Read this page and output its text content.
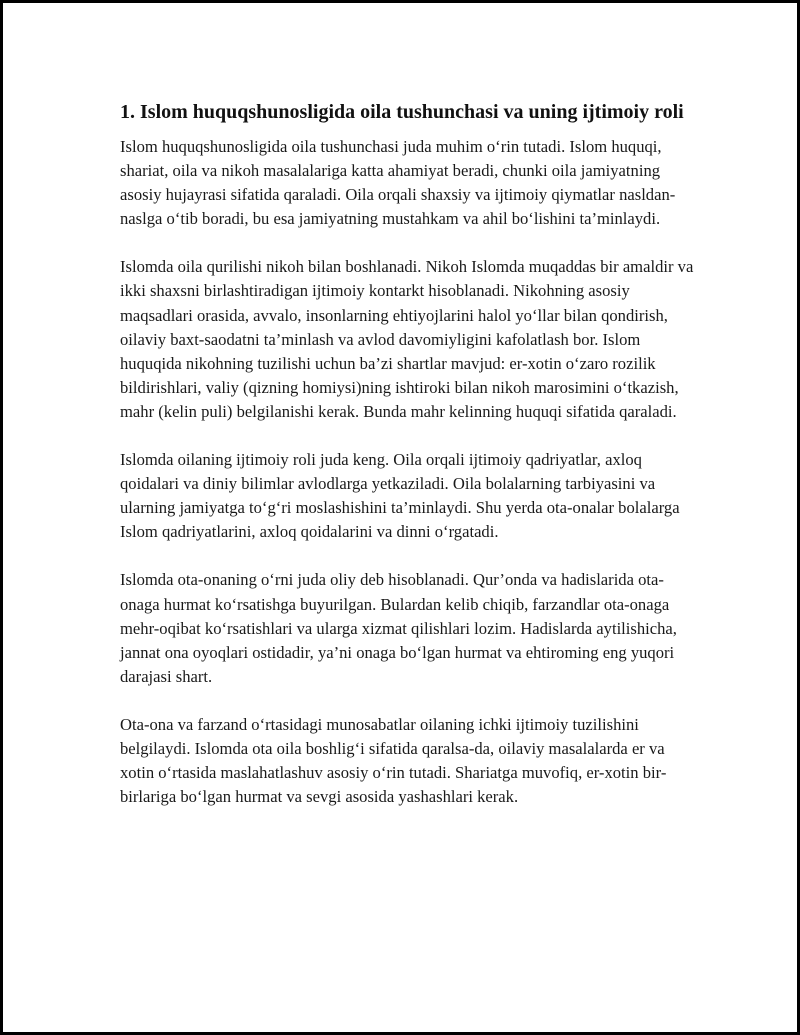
1. Islom huquqshunosligida oila tushunchasi va uning ijtimoiy roli

Islom huquqshunosligida oila tushunchasi juda muhim o‘rin tutadi. Islom huquqi, shariat, oila va nikoh masalalariga katta ahamiyat beradi, chunki oila jamiyatning asosiy hujayrasi sifatida qaraladi. Oila orqali shaxsiy va ijtimoiy qiymatlar nasldan-naslga o‘tib boradi, bu esa jamiyatning mustahkam va ahil bo‘lishini ta’minlaydi.

Islomda oila qurilishi nikoh bilan boshlanadi. Nikoh Islomda muqaddas bir amaldir va ikki shaxsni birlashtiradigan ijtimoiy kontarkt hisoblanadi. Nikohning asosiy maqsadlari orasida, avvalo, insonlarning ehtiyojlarini halol yo‘llar bilan qondirish, oilaviy baxt-saodatni ta’minlash va avlod davomiyligini kafolatlash bor. Islom huquqida nikohning tuzilishi uchun ba’zi shartlar mavjud: er-xotin o‘zaro rozilik bildirishlari, valiy (qizning homiysi)ning ishtiroki bilan nikoh marosimini o‘tkazish, mahr (kelin puli) belgilanishi kerak. Bunda mahr kelinning huquqi sifatida qaraladi.

Islomda oilaning ijtimoiy roli juda keng. Oila orqali ijtimoiy qadriyatlar, axloq qoidalari va diniy bilimlar avlodlarga yetkaziladi. Oila bolalarning tarbiyasini va ularning jamiyatga to‘g‘ri moslashishini ta’minlaydi. Shu yerda ota-onalar bolalarga Islom qadriyatlarini, axloq qoidalarini va dinni o‘rgatadi.

Islomda ota-onaning o‘rni juda oliy deb hisoblanadi. Qur’onda va hadislarida ota-onaga hurmat ko‘rsatishga buyurilgan. Bulardan kelib chiqib, farzandlar ota-onaga mehr-oqibat ko‘rsatishlari va ularga xizmat qilishlari lozim. Hadislarda aytilishicha, jannat ona oyoqlari ostidadir, ya’ni onaga bo‘lgan hurmat va ehtiroming eng yuqori darajasi shart.

Ota-ona va farzand o‘rtasidagi munosabatlar oilaning ichki ijtimoiy tuzilishini belgilaydi. Islomda ota oila boshlig‘i sifatida qaralsa-da, oilaviy masalalarda er va xotin o‘rtasida maslahatlashuv asosiy o‘rin tutadi. Shariatga muvofiq, er-xotin bir-birlariga bo‘lgan hurmat va sevgi asosida yashashlari kerak.
